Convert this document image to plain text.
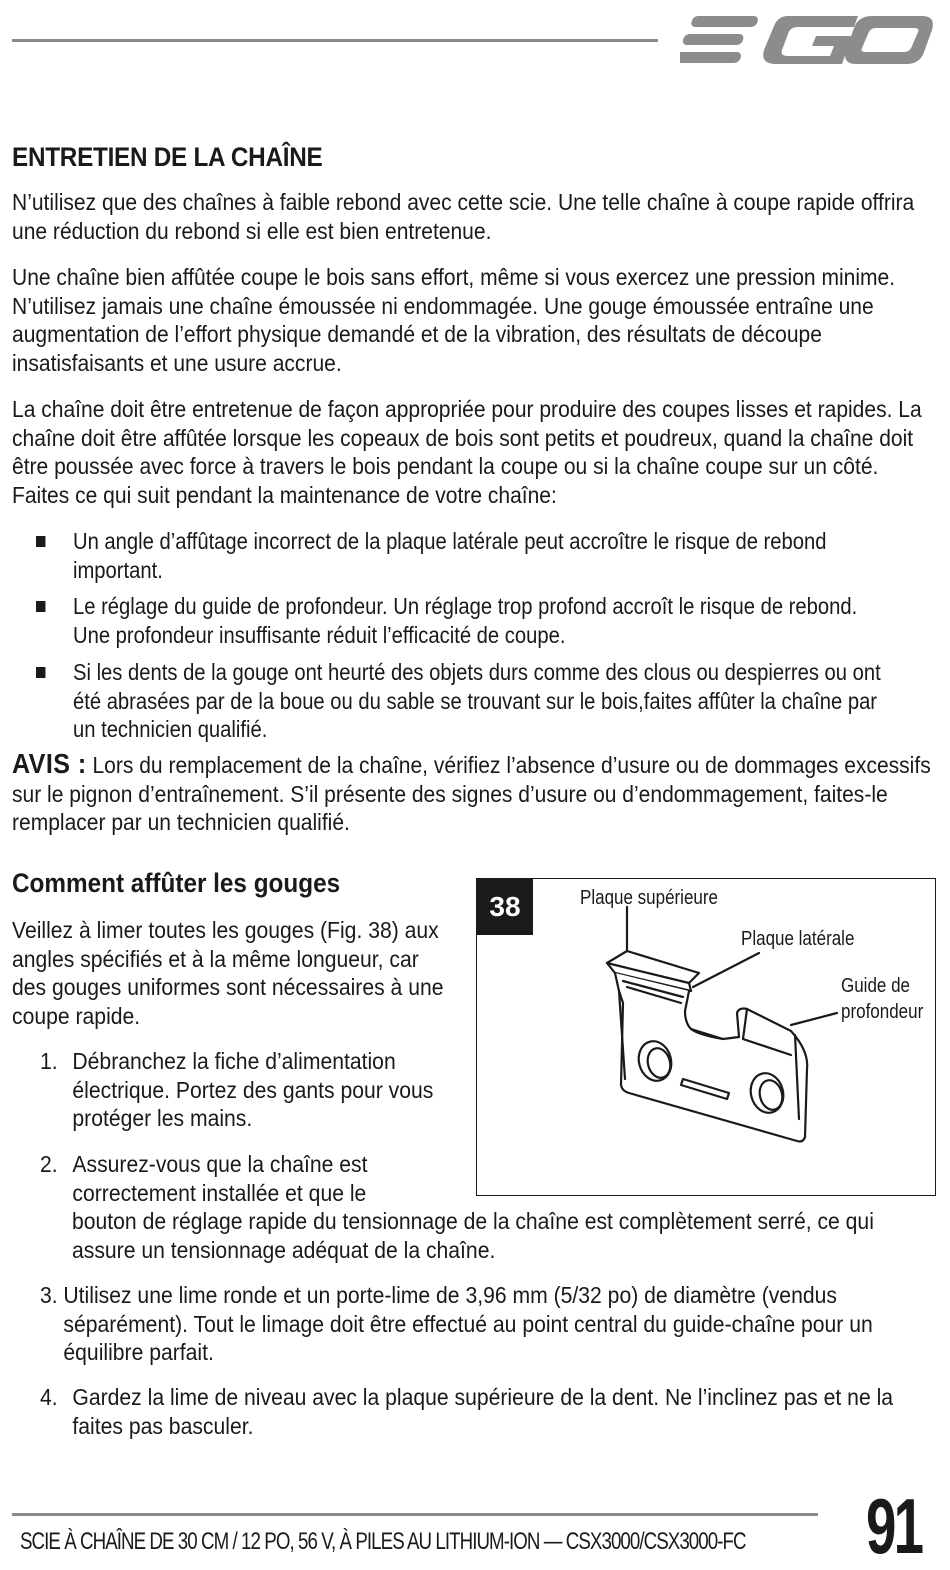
ENTRETIEN DE LA CHAÎNE
N’utilisez que des chaînes à faible rebond avec cette scie. Une telle chaîne à coupe rapide offrira une réduction du rebond si elle est bien entretenue.
Une chaîne bien affûtée coupe le bois sans effort, même si vous exercez une pression minime. N’utilisez jamais une chaîne émoussée ni endommagée. Une gouge émoussée entraîne une augmentation de l’effort physique demandé et de la vibration, des résultats de découpe insatisfaisants et une usure accrue.
La chaîne doit être entretenue de façon appropriée pour produire des coupes lisses et rapides. La chaîne doit être affûtée lorsque les copeaux de bois sont petits et poudreux, quand la chaîne doit être poussée avec force à travers le bois pendant la coupe ou si la chaîne coupe sur un côté. Faites ce qui suit pendant la maintenance de votre chaîne:
Un angle d’affûtage incorrect de la plaque latérale peut accroître le risque de rebond important.
Le réglage du guide de profondeur. Un réglage trop profond accroît le risque de rebond. Une profondeur insuffisante réduit l’efficacité de coupe.
Si les dents de la gouge ont heurté des objets durs comme des clous ou despierres ou ont été abrasées par de la boue ou du sable se trouvant sur le bois,faites affûter la chaîne par un technicien qualifié.
AVIS : Lors du remplacement de la chaîne, vérifiez l’absence d’usure ou de dommages excessifs sur le pignon d’entraînement. S’il présente des signes d’usure ou d’endommagement, faites-le remplacer par un technicien qualifié.
Comment affûter les gouges
Veillez à limer toutes les gouges (Fig. 38) aux angles spécifiés et à la même longueur, car des gouges uniformes sont nécessaires à une coupe rapide.
1. Débranchez la fiche d’alimentation électrique. Portez des gants pour vous protéger les mains.
2. Assurez-vous que la chaîne est correctement installée et que le
bouton de réglage rapide du tensionnage de la chaîne est complètement serré, ce qui assure un tensionnage adéquat de la chaîne.
3. Utilisez une lime ronde et un porte-lime de 3,96 mm (5/32 po) de diamètre (vendus séparément). Tout le limage doit être effectué au point central du guide-chaîne pour un équilibre parfait.
4. Gardez la lime de niveau avec la plaque supérieure de la dent. Ne l’inclinez pas et ne la faites pas basculer.
38	Plaque supérieure
Plaque latérale
Guide de
profondeur
SCIE À CHAÎNE DE 30 CM / 12 PO, 56 V, À PILES AU LITHIUM-ION — CSX3000/CSX3000-FC 91
